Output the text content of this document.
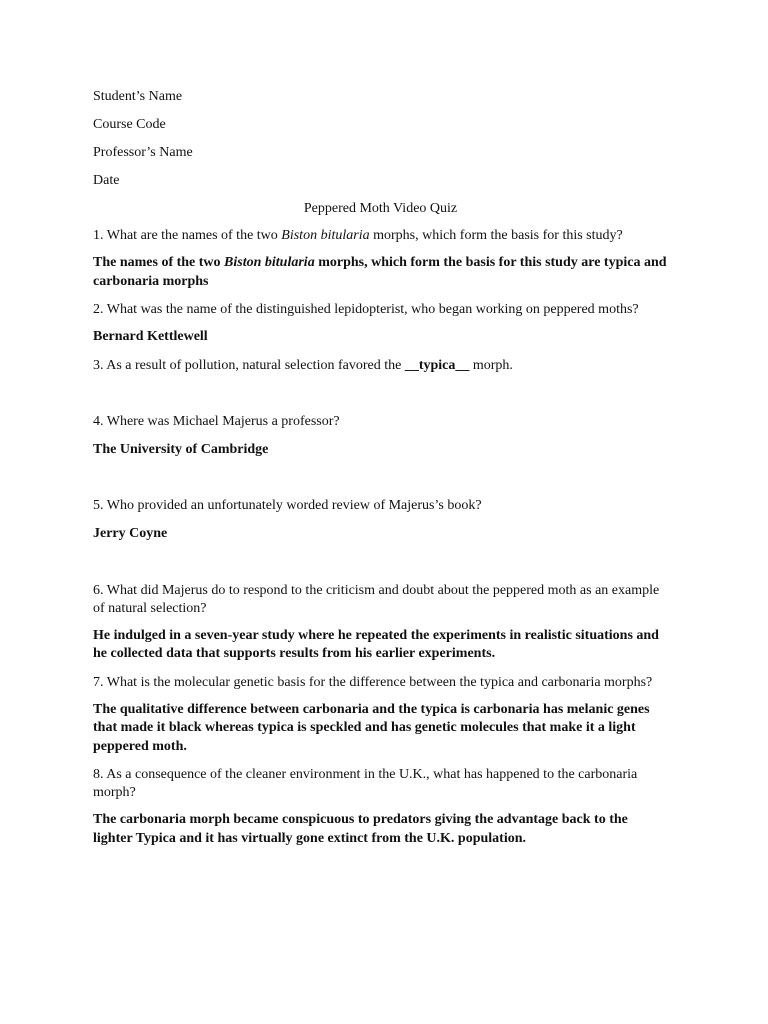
Student’s Name

Course Code

Professor’s Name

Date

Peppered Moth Video Quiz

1. What are the names of the two Biston bitularia morphs, which form the basis for this study?

The names of the two Biston bitularia morphs, which form the basis for this study are typica and carbonaria morphs

2. What was the name of the distinguished lepidopterist, who began working on peppered moths?

Bernard Kettlewell

3. As a result of pollution, natural selection favored the __typica__ morph.

4. Where was Michael Majerus a professor?

The University of Cambridge

5. Who provided an unfortunately worded review of Majerus’s book?

Jerry Coyne

6. What did Majerus do to respond to the criticism and doubt about the peppered moth as an example of natural selection?

He indulged in a seven-year study where he repeated the experiments in realistic situations and he collected data that supports results from his earlier experiments.

7. What is the molecular genetic basis for the difference between the typica and carbonaria morphs?

The qualitative difference between carbonaria and the typica is carbonaria has melanic genes that made it black whereas typica is speckled and has genetic molecules that make it a light peppered moth.

8. As a consequence of the cleaner environment in the U.K., what has happened to the carbonaria morph?

The carbonaria morph became conspicuous to predators giving the advantage back to the lighter Typica and it has virtually gone extinct from the U.K. population.
